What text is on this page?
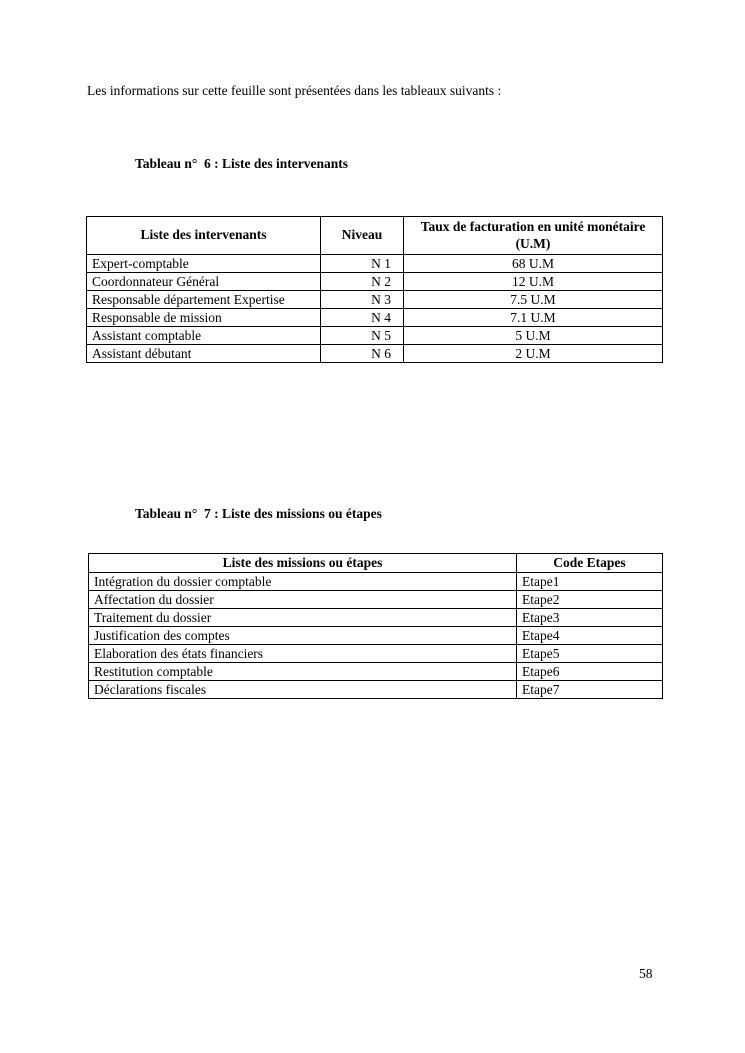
Les informations sur cette feuille sont présentées dans les tableaux suivants :

Tableau n°  6 : Liste des intervenants
Liste des intervenants	Niveau	Taux de facturation en unité monétaire (U.M)
Expert-comptable	N 1	68 U.M
Coordonnateur Général	N 2	12 U.M
Responsable département Expertise	N 3	7.5 U.M
Responsable de mission	N 4	7.1 U.M
Assistant comptable	N 5	5 U.M
Assistant débutant	N 6	2 U.M
Tableau n°  7 : Liste des missions ou étapes
Liste des missions ou étapes	Code Etapes
Intégration du dossier comptable	Etape1
Affectation du dossier	Etape2
Traitement du dossier	Etape3
Justification des comptes	Etape4
Elaboration des états financiers	Etape5
Restitution comptable	Etape6
Déclarations fiscales	Etape7
58
